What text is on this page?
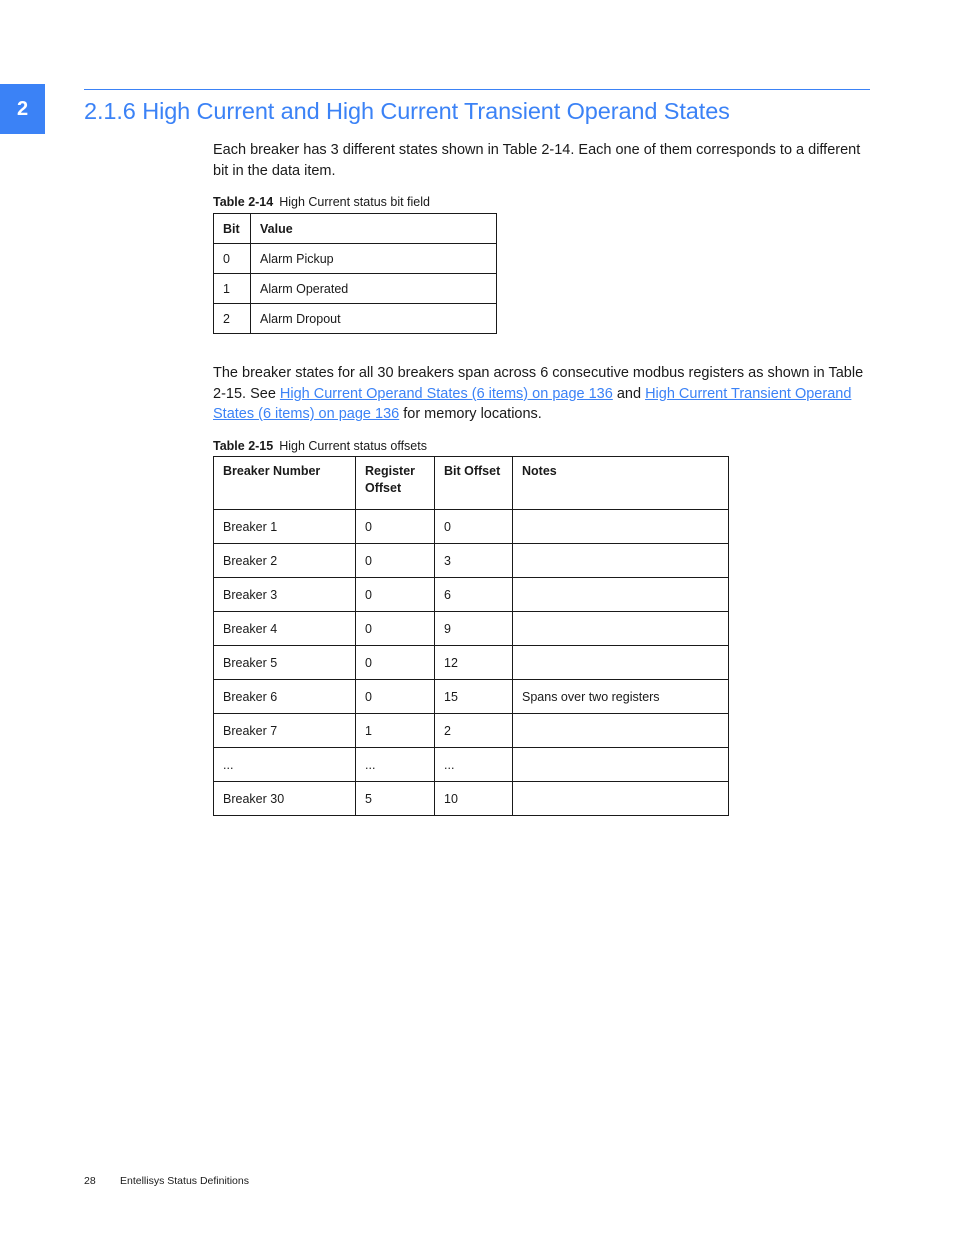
2	2.1.6 High Current and High Current Transient Operand States

Each breaker has 3 different states shown in Table 2-14. Each one of them corresponds to a different bit in the data item.

Table 2-14 High Current status bit field

Bit	Value
0	Alarm Pickup
1	Alarm Operated
2	Alarm Dropout

The breaker states for all 30 breakers span across 6 consecutive modbus registers as shown in Table 2-15. See High Current Operand States (6 items) on page 136 and High Current Transient Operand States (6 items) on page 136 for memory locations.

Table 2-15 High Current status offsets

Breaker Number	Register Offset	Bit Offset	Notes
Breaker 1	0	0	
Breaker 2	0	3	
Breaker 3	0	6	
Breaker 4	0	9	
Breaker 5	0	12	
Breaker 6	0	15	Spans over two registers
Breaker 7	1	2	
...	...	...	
Breaker 30	5	10	
28 Entellisys Status Definitions
